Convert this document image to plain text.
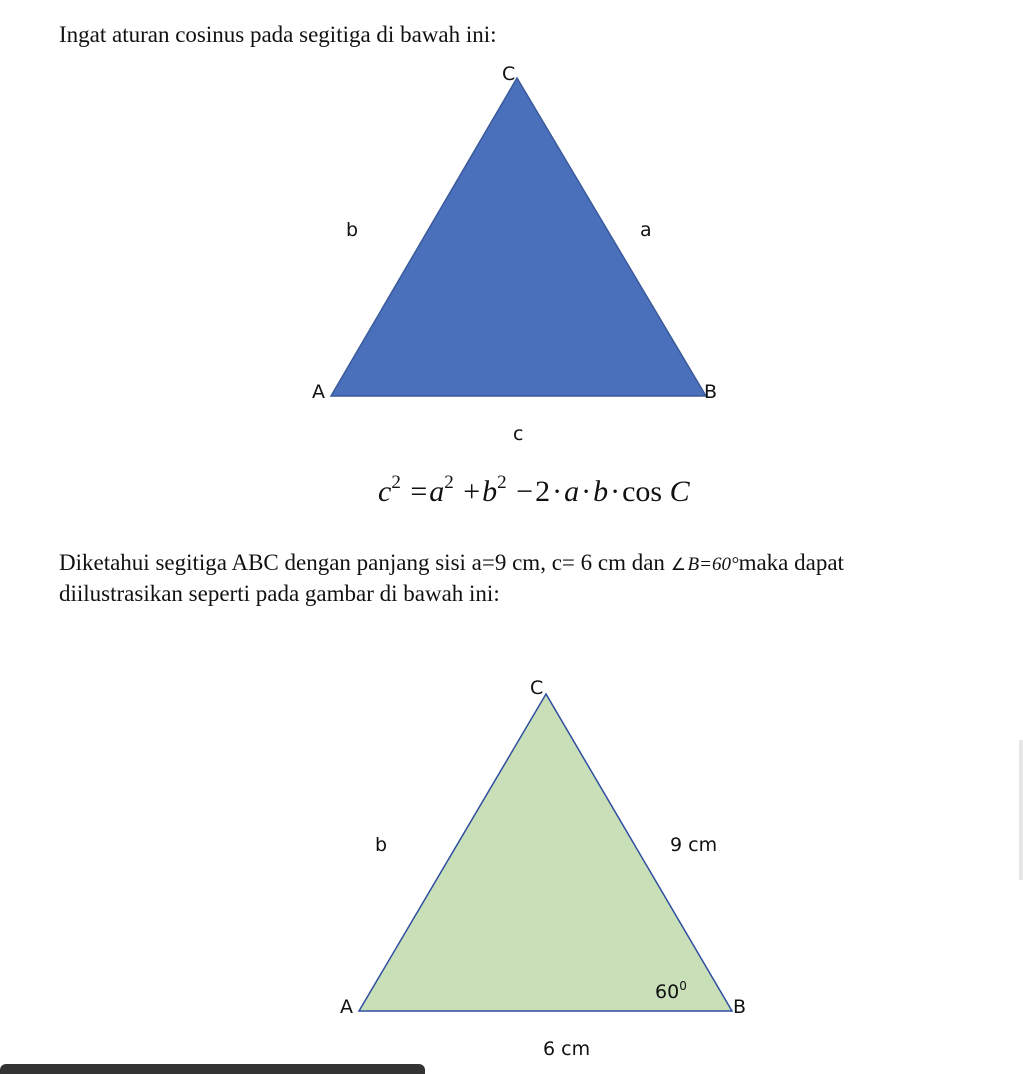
Ingat aturan cosinus pada segitiga di bawah ini:

C
A	B
b	a
c
C
A	B
b	9 cm
6 cm
$60^0$
$c^2 =a^2 +b^2 -2\cdot a\cdot b\cdot\cos$ C
Diketahui segitiga ABC dengan panjang sisi a=9 cm, c= 6 cm dan ∠ B=60°maka dapat
diilustrasikan seperti pada gambar di bawah ini:
